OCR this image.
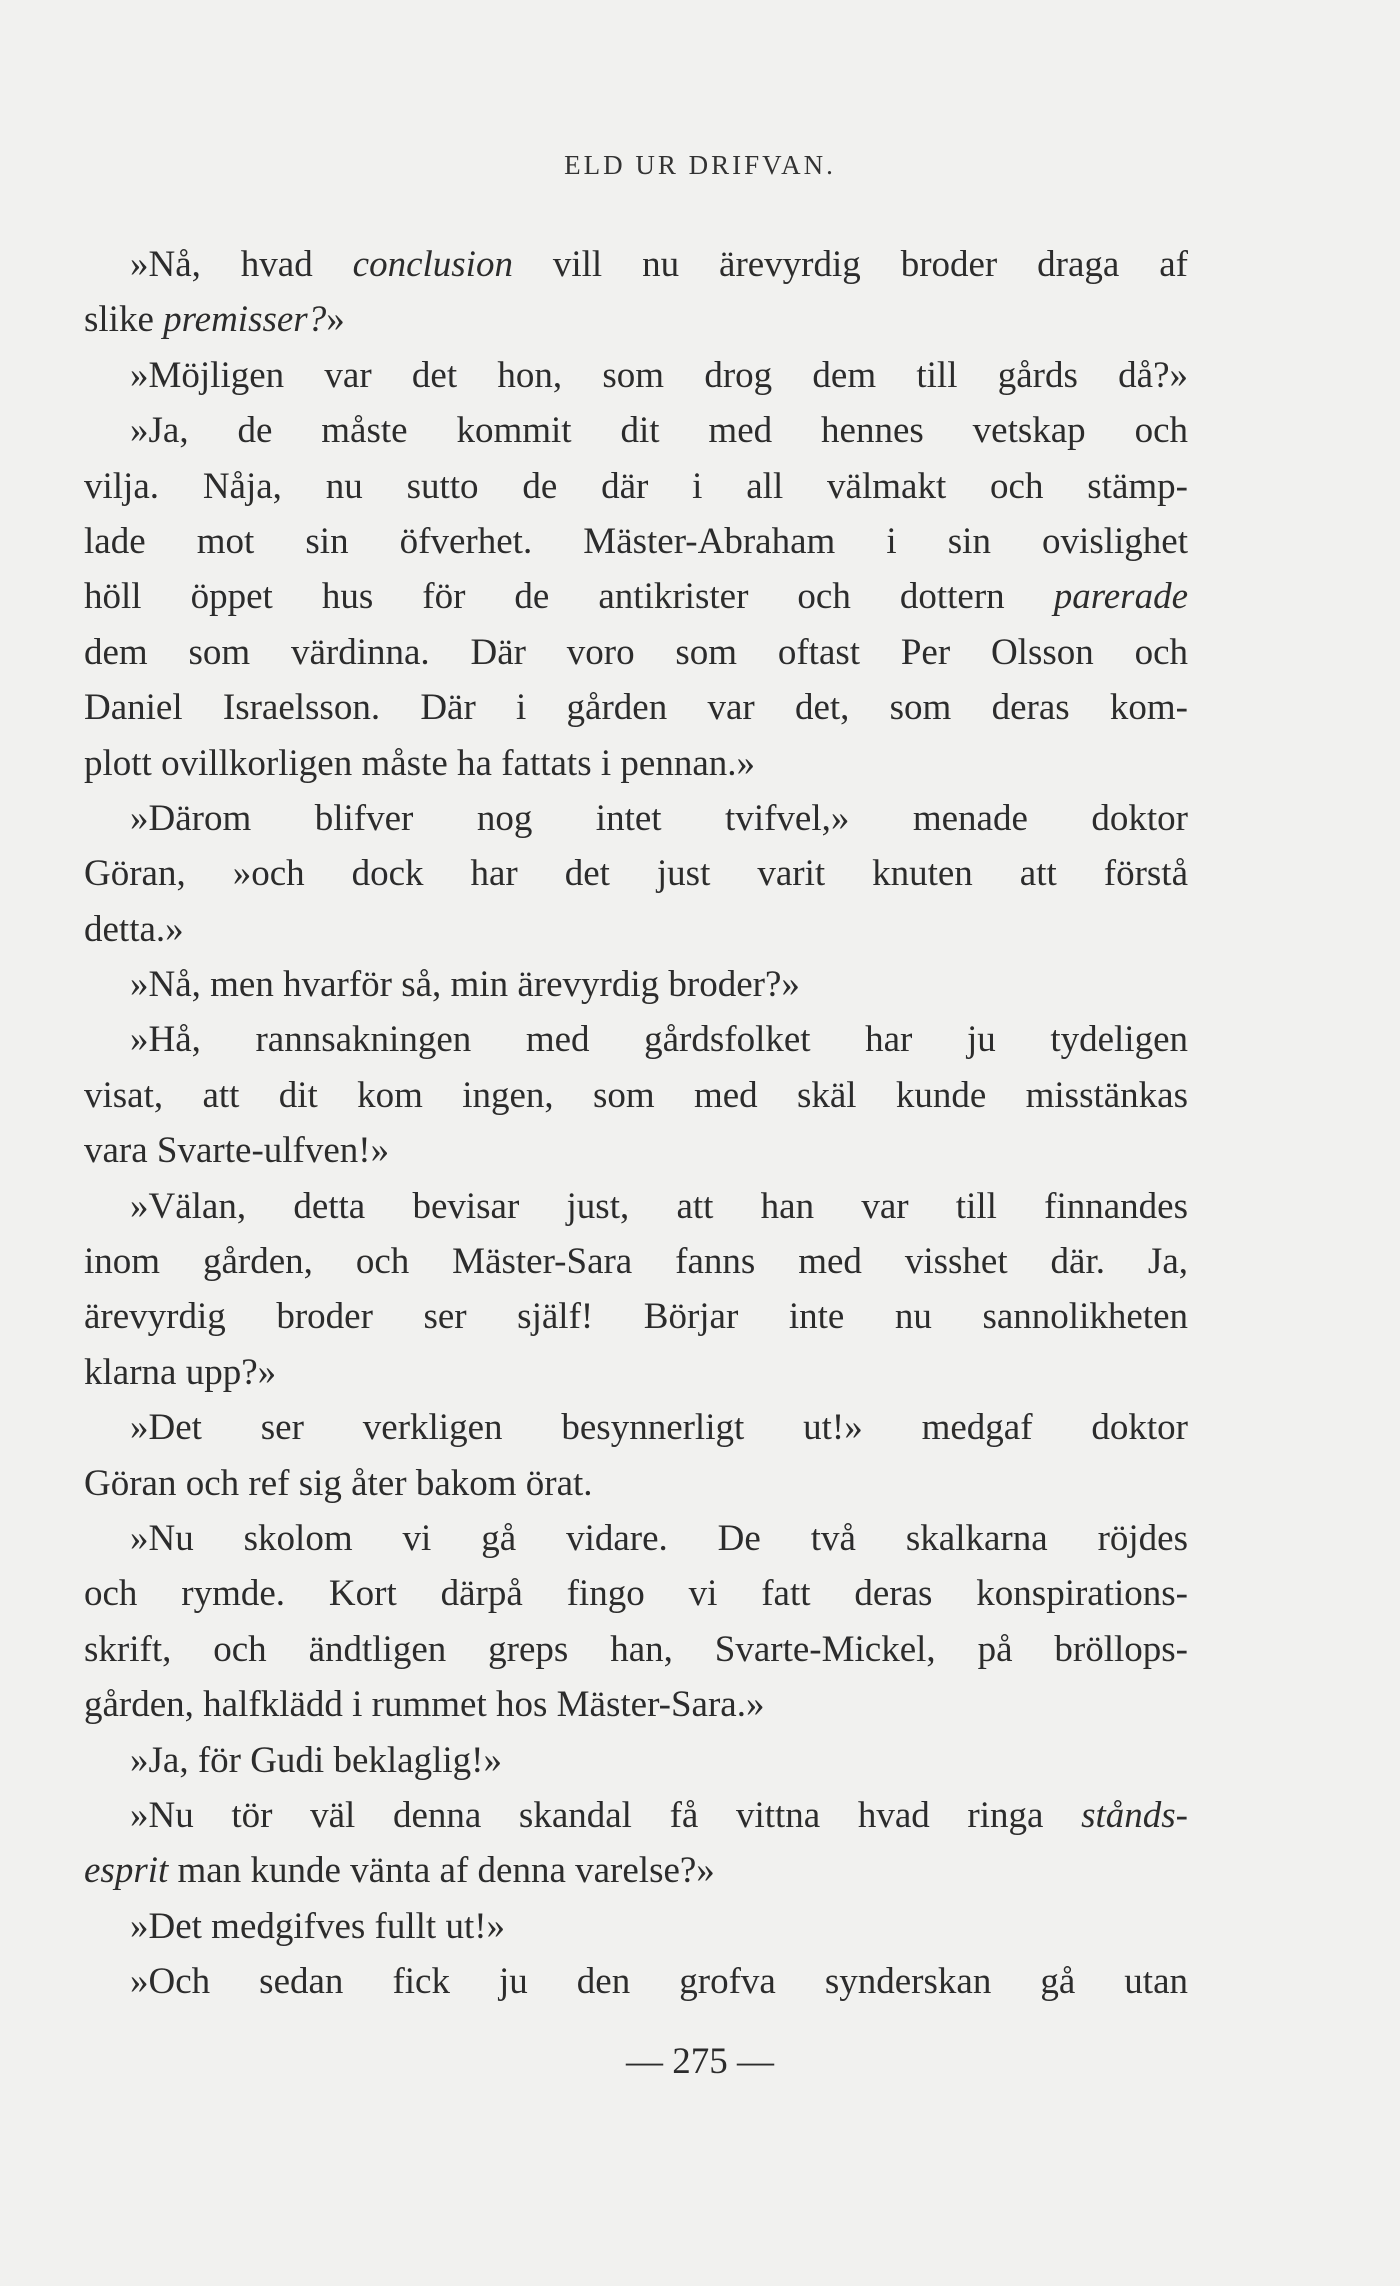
ELD UR DRIFVAN.
»Nå, hvad conclusion vill nu ärevyrdig broder draga af
slike premisser?»
»Möjligen var det hon, som drog dem till gårds då?»
»Ja, de måste kommit dit med hennes vetskap och
vilja. Nåja, nu sutto de där i all välmakt och stämp-
lade mot sin öfverhet. Mäster-Abraham i sin ovislighet
höll öppet hus för de antikrister och dottern parerade
dem som värdinna. Där voro som oftast Per Olsson och
Daniel Israelsson. Där i gården var det, som deras kom-
plott ovillkorligen måste ha fattats i pennan.»
»Därom blifver nog intet tvifvel,» menade doktor
Göran, »och dock har det just varit knuten att förstå
detta.»
»Nå, men hvarför så, min ärevyrdig broder?»
»Hå, rannsakningen med gårdsfolket har ju tydeligen
visat, att dit kom ingen, som med skäl kunde misstänkas
vara Svarte-ulfven!»
»Välan, detta bevisar just, att han var till finnandes
inom gården, och Mäster-Sara fanns med visshet där. Ja,
ärevyrdig broder ser själf! Börjar inte nu sannolikheten
klarna upp?»
»Det ser verkligen besynnerligt ut!» medgaf doktor
Göran och ref sig åter bakom örat.
»Nu skolom vi gå vidare. De två skalkarna röjdes
och rymde. Kort därpå fingo vi fatt deras konspirations-
skrift, och ändtligen greps han, Svarte-Mickel, på bröllops-
gården, halfklädd i rummet hos Mäster-Sara.»
»Ja, för Gudi beklaglig!»
»Nu tör väl denna skandal få vittna hvad ringa stånds-
esprit man kunde vänta af denna varelse?»
»Det medgifves fullt ut!»
»Och sedan fick ju den grofva synderskan gå utan
— 275 —
